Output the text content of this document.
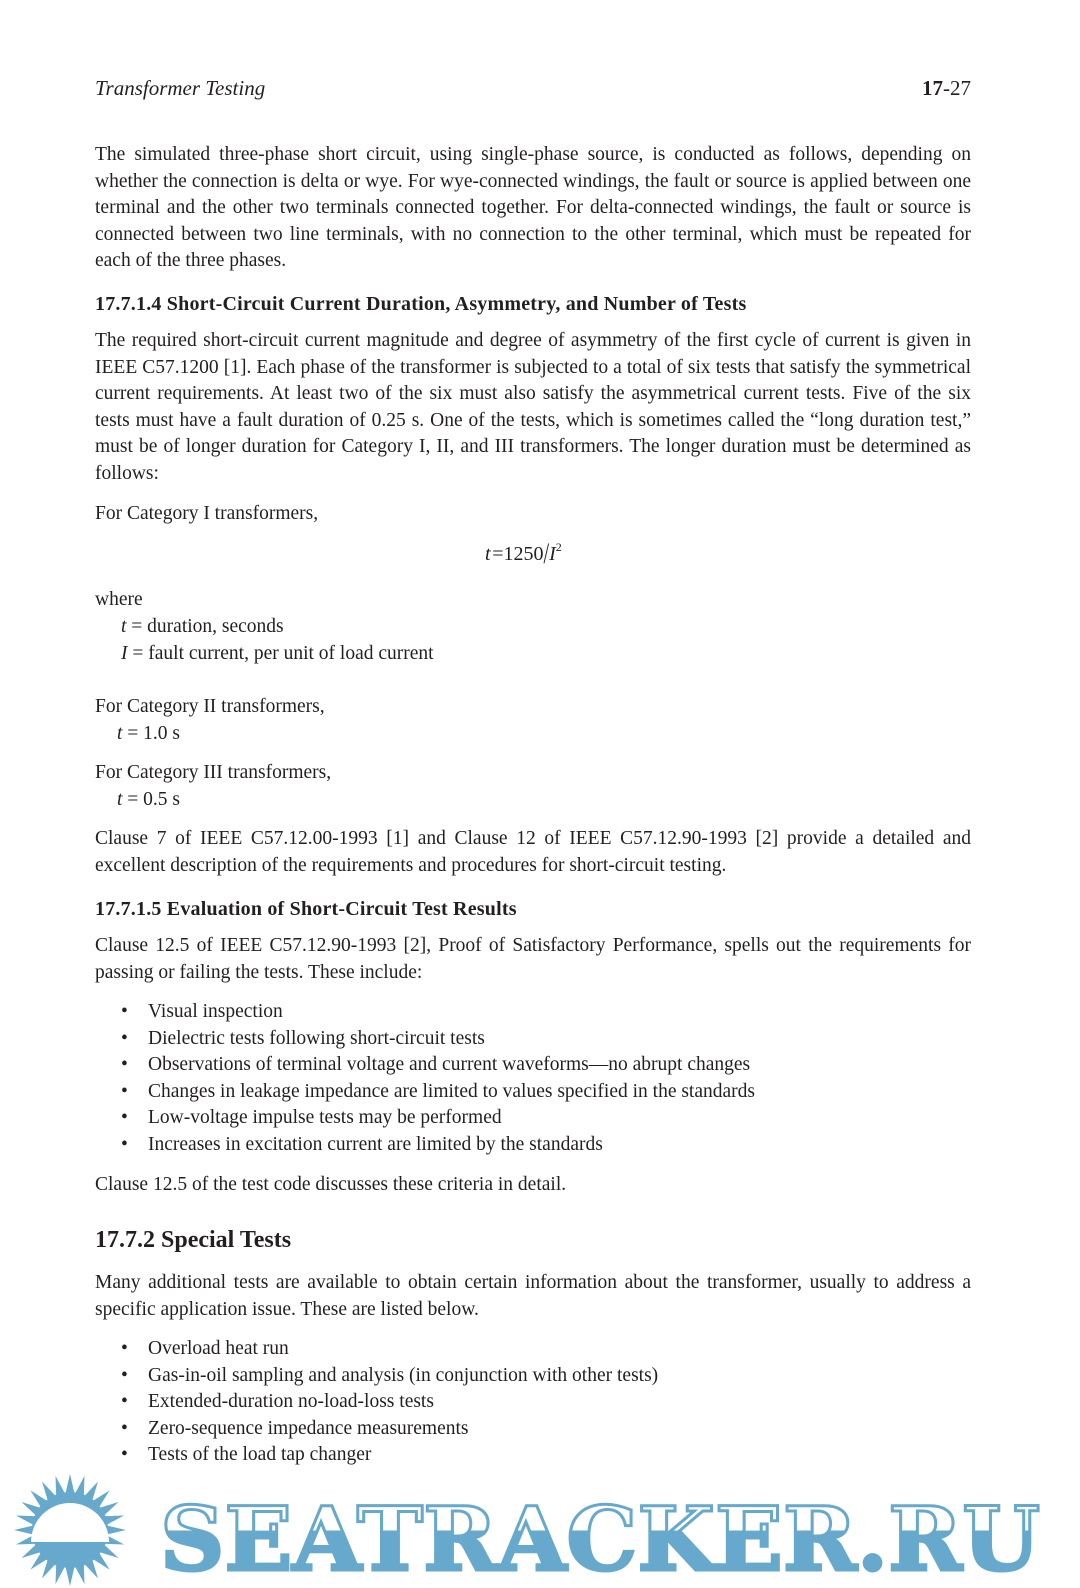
Transformer Testing	17-27
The simulated three-phase short circuit, using single-phase source, is conducted as follows, depending on whether the connection is delta or wye. For wye-connected windings, the fault or source is applied between one terminal and the other two terminals connected together. For delta-connected windings, the fault or source is connected between two line terminals, with no connection to the other terminal, which must be repeated for each of the three phases.
17.7.1.4 Short-Circuit Current Duration, Asymmetry, and Number of Tests
The required short-circuit current magnitude and degree of asymmetry of the first cycle of current is given in IEEE C57.1200 [1]. Each phase of the transformer is subjected to a total of six tests that satisfy the symmetrical current requirements. At least two of the six must also satisfy the asymmetrical current tests. Five of the six tests must have a fault duration of 0.25 s. One of the tests, which is sometimes called the “long duration test,” must be of longer duration for Category I, II, and III transformers. The longer duration must be determined as follows:
For Category I transformers,
t $=1250/I^2$
where
t = duration, seconds
I = fault current, per unit of load current
For Category II transformers,
t = 1.0 s
For Category III transformers,
t = 0.5 s
Clause 7 of IEEE C57.12.00-1993 [1] and Clause 12 of IEEE C57.12.90-1993 [2] provide a detailed and excellent description of the requirements and procedures for short-circuit testing.
17.7.1.5 Evaluation of Short-Circuit Test Results
Clause 12.5 of IEEE C57.12.90-1993 [2], Proof of Satisfactory Performance, spells out the requirements for passing or failing the tests. These include:
• Visual inspection
• Dielectric tests following short-circuit tests
• Observations of terminal voltage and current waveforms—no abrupt changes
• Changes in leakage impedance are limited to values specified in the standards
• Low-voltage impulse tests may be performed
• Increases in excitation current are limited by the standards
Clause 12.5 of the test code discusses these criteria in detail.
17.7.2 Special Tests
Many additional tests are available to obtain certain information about the transformer, usually to address a specific application issue. These are listed below.
• Overload heat run
• Gas-in-oil sampling and analysis (in conjunction with other tests)
• Extended-duration no-load-loss tests
• Zero-sequence impedance measurements
• Tests of the load tap changer
SEATRACKER.RU
